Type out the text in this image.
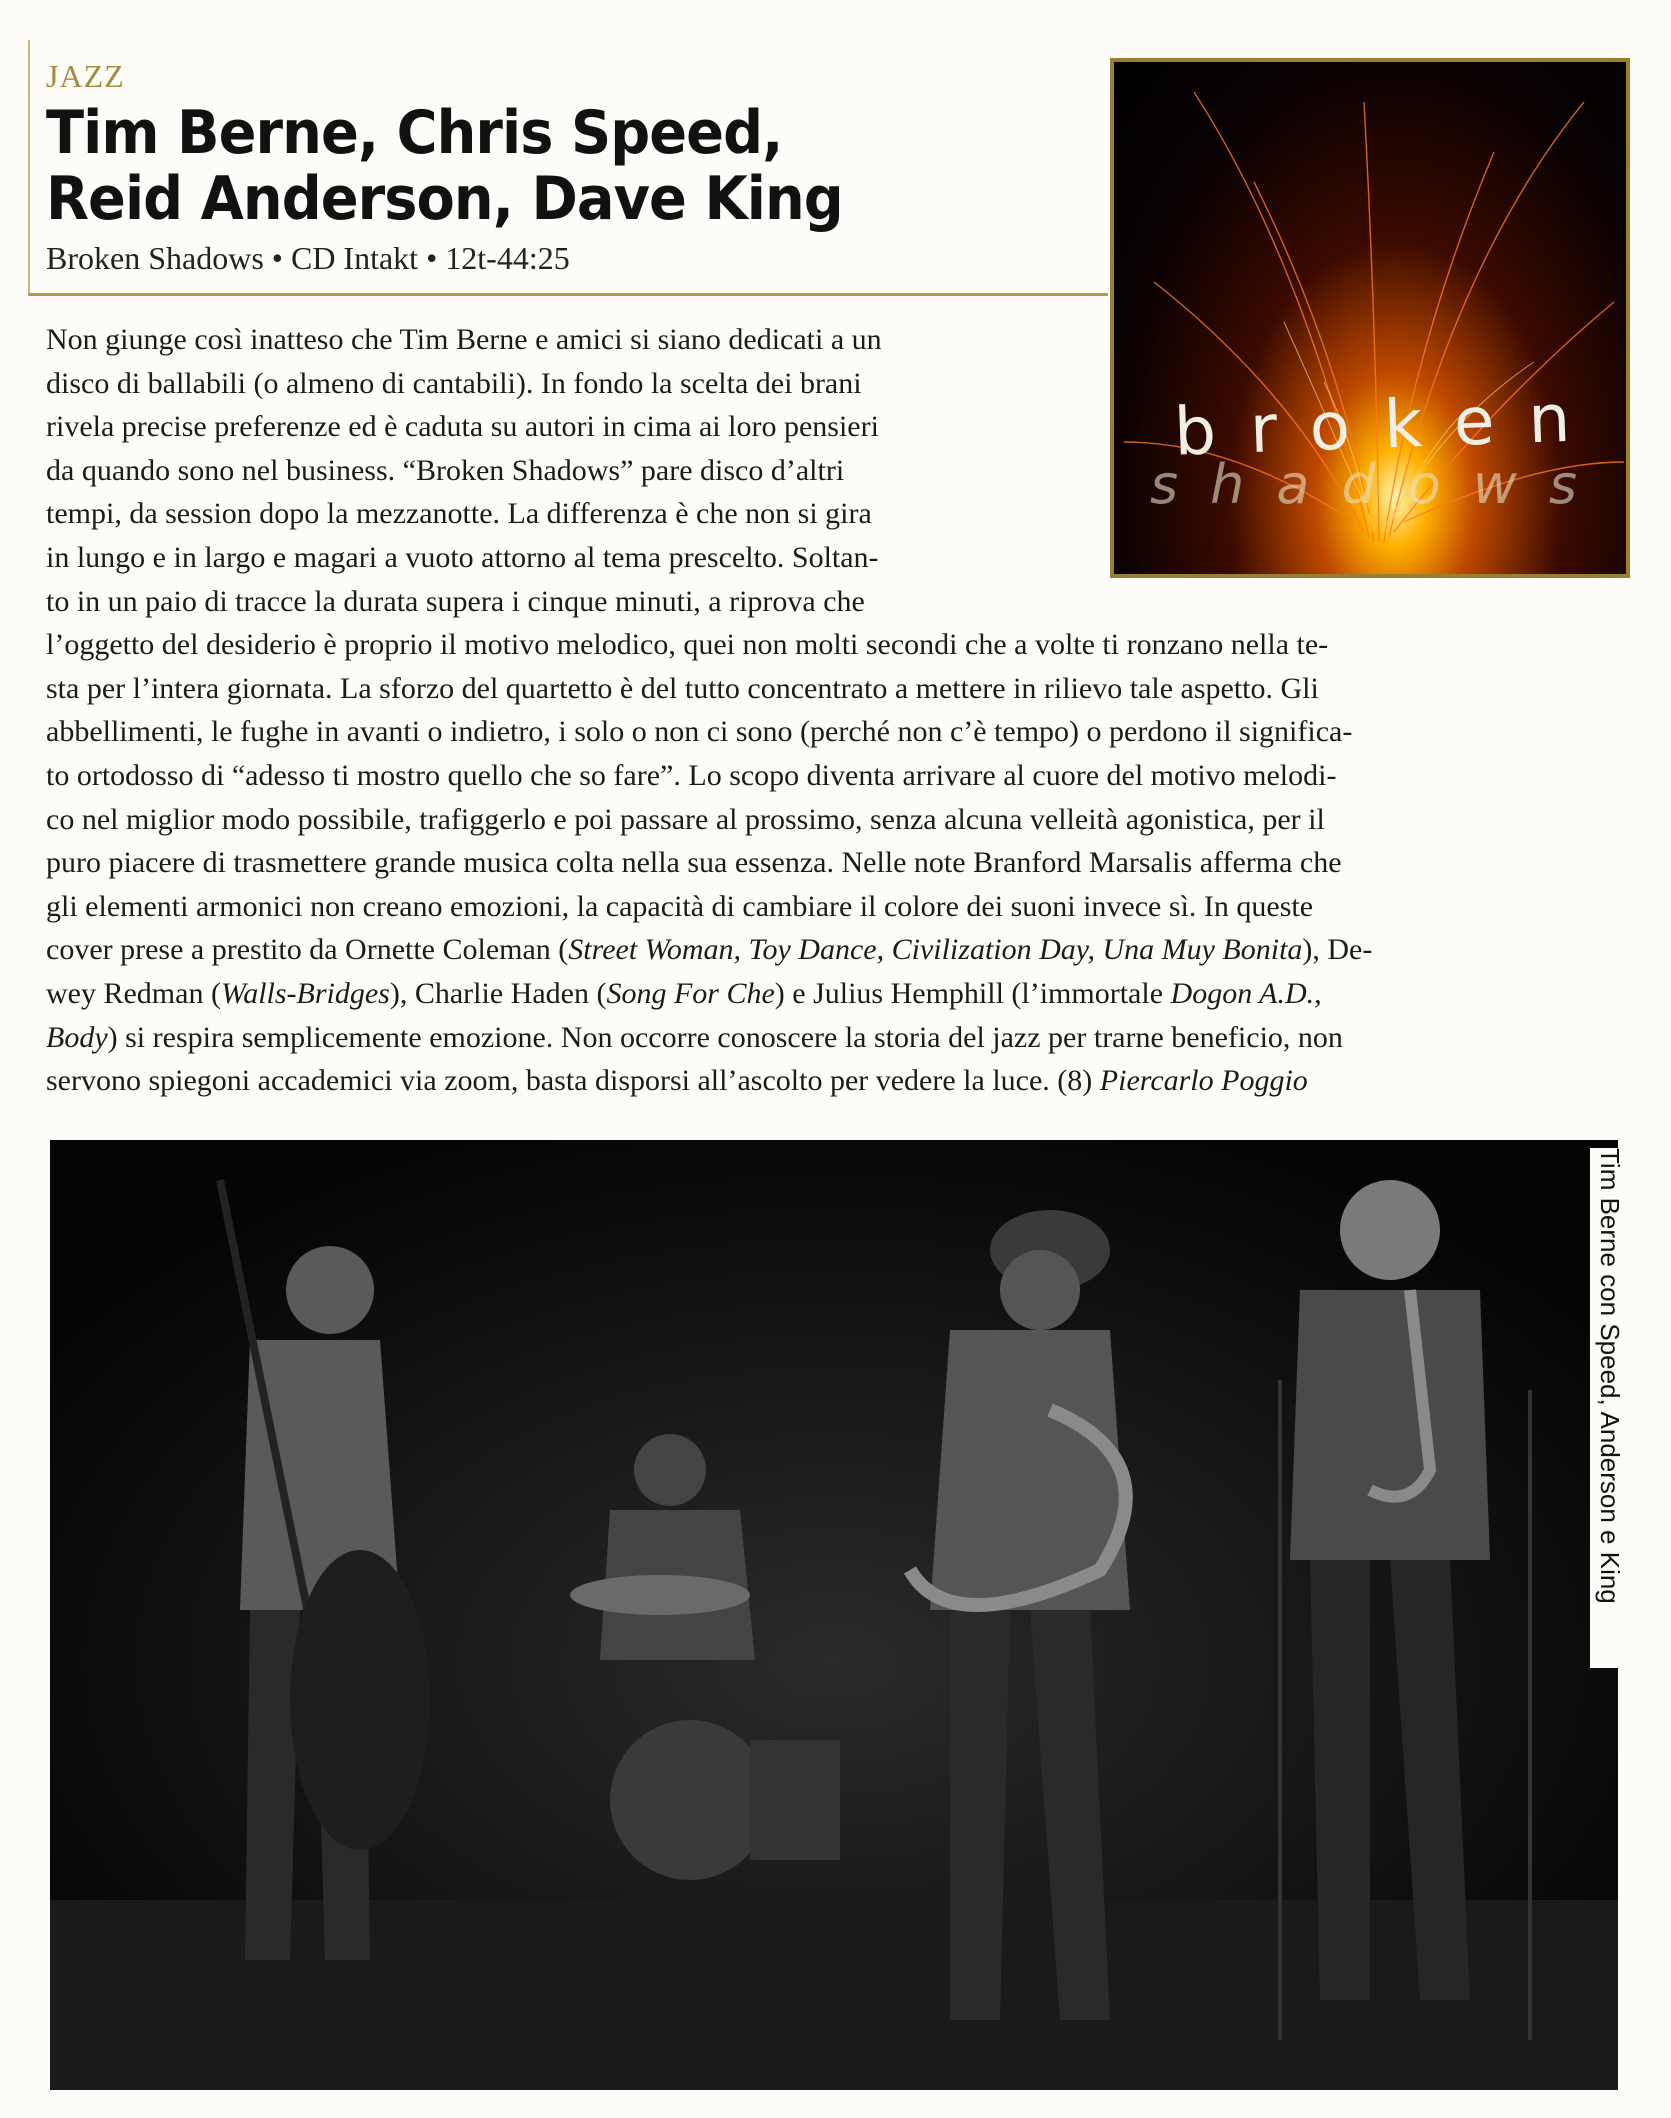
JAZZ
Tim Berne, Chris Speed,
Reid Anderson, Dave King
Broken Shadows • CD Intakt • 12t-44:25
broken
shadows

Non giunge così inatteso che Tim Berne e amici si siano dedicati a un

disco di ballabili (o almeno di cantabili). In fondo la scelta dei brani

rivela precise preferenze ed è caduta su autori in cima ai loro pensieri

da quando sono nel business. “Broken Shadows” pare disco d’altri

tempi, da session dopo la mezzanotte. La differenza è che non si gira

in lungo e in largo e magari a vuoto attorno al tema prescelto. Soltan-

to in un paio di tracce la durata supera i cinque minuti, a riprova che

l’oggetto del desiderio è proprio il motivo melodico, quei non molti secondi che a volte ti ronzano nella te-

sta per l’intera giornata. La sforzo del quartetto è del tutto concentrato a mettere in rilievo tale aspetto. Gli

abbellimenti, le fughe in avanti o indietro, i solo o non ci sono (perché non c’è tempo) o perdono il significa-

to ortodosso di “adesso ti mostro quello che so fare”. Lo scopo diventa arrivare al cuore del motivo melodi-

co nel miglior modo possibile, trafiggerlo e poi passare al prossimo, senza alcuna velleità agonistica, per il

puro piacere di trasmettere grande musica colta nella sua essenza. Nelle note Branford Marsalis afferma che

gli elementi armonici non creano emozioni, la capacità di cambiare il colore dei suoni invece sì. In queste

cover prese a prestito da Ornette Coleman (Street Woman, Toy Dance, Civilization Day, Una Muy Bonita), De-

wey Redman (Walls-Bridges), Charlie Haden (Song For Che) e Julius Hemphill (l’immortale Dogon A.D.,

Body) si respira semplicemente emozione. Non occorre conoscere la storia del jazz per trarne beneficio, non

servono spiegoni accademici via zoom, basta disporsi all’ascolto per vedere la luce. (8) Piercarlo Poggio

Tim Berne con Speed, Anderson e King
